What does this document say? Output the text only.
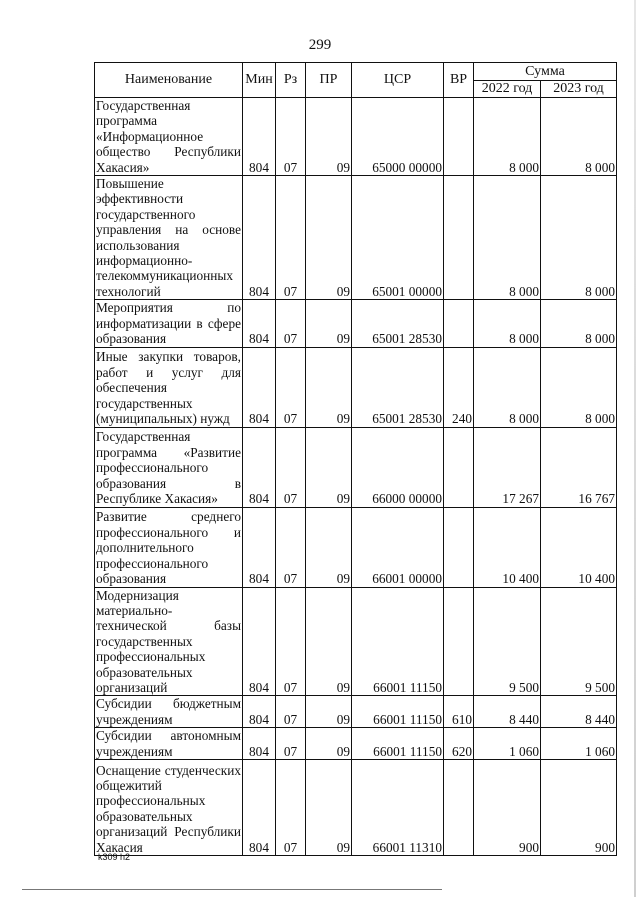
299
Наименование	Мин	Рз	ПР	ЦСР	ВР	Сумма	
						2022 год	2023 год
Государственная программа «Информационное общество Республики Хакасия»	804	07	09	65000 00000		8 000	8 000
Повышение эффективности государственного управления на основе использования информационно-телекоммуникационных технологий	804	07	09	65001 00000		8 000	8 000
Мероприятия по информатизации в сфере образования	804	07	09	65001 28530		8 000	8 000
Иные закупки товаров, работ и услуг для обеспечения государственных (муниципальных) нужд	804	07	09	65001 28530	240	8 000	8 000
Государственная программа «Развитие профессионального образования в Республике Хакасия»	804	07	09	66000 00000		17 267	16 767
Развитие среднего профессионального и дополнительного профессионального образования	804	07	09	66001 00000		10 400	10 400
Модернизация материально-технической базы государственных профессиональных образовательных организаций	804	07	09	66001 11150		9 500	9 500
Субсидии бюджетным учреждениям	804	07	09	66001 11150	610	8 440	8 440
Субсидии автономным учреждениям	804	07	09	66001 11150	620	1 060	1 060
Оснащение студенческих общежитий профессиональных образовательных организаций Республики Хакасия	804	07	09	66001 11310		900	900
k309 h2
